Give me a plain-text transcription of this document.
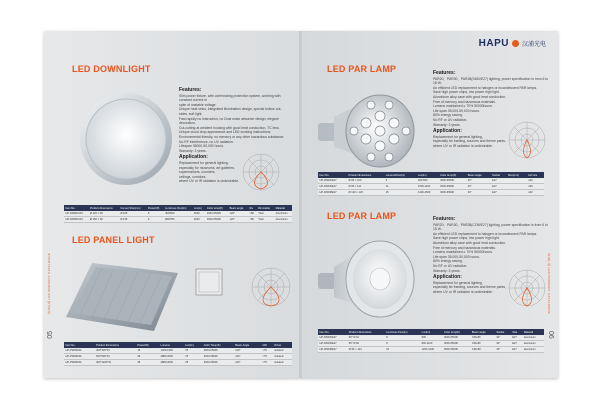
LED DOWNLIGHT
Features:
Slim power fixture, with overheating protection system, working with constant current in
spite of unstable voltage.
Unique heat sinks, integrated illumination design, special hollow out-sides, soft light.
Fast rapidly no instruction, no Dust noise absorber design, elegant decoration.
Cut-cutting at ambient housing with good heat conduction, TC less.
Unique cloud drop appearance and LED working instructions.
Environmental friendly, no mercury or any other hazardous substance.
No RF interference, no UV radiation.
Lifespan 35000-50,000 hours.
Warranty: 3 years.
Application:
Replacement for general lighting,
especially for museums, art galleries,
supermarkets, counters,
ceilings, corridors,
where UV or IR radiation is undesirable.
Item No.	Product dimensions	Cut-out Size(mm)	Power(W)	Luminous Flux(lm)	Lux(m)	Color temp(K)	Beam angle	Ra	Dimmable	Material
HP-DN06D-RC	Ø 120 × 36	Ø 105	6	400/500	3000	3000-6500K	120°	>80	Triac	Aluminium
HP-DN09D-RC	Ø 150 × 36	Ø 135	9	680/780	3000	3000-6500K	120°	>80	Triac	Aluminium
LED PANEL LIGHT
Item No.	Product dimensions	Power(W)	Lumens	Lux(lm)	Color Temp(K)	Beam Angle	CRI	Driver
HP-PW0903A	300*300*10	16	1400-1500	78	3000-6500K	120°	>75	isolated
HP-PW0903A	600*600*10	36	2880-3000	78	3000-6500K	120°	>75	isolated
HP-PW0903A	300*1200*10	36	2880-3000	78	3000-6500K	120°	>75	isolated
企业产品 LED PRODUCT CATALOGUE
05
HAPU 汉浦光电
LED PAR LAMP	Features:
PAR20、PAR30、PAR38(SMD/E27) lighting, power specification is from 6 to 18 W.
An efficient LED replacement to halogen or incandescent PAR lamps.
Save high power chips, low power high light.
Aluminium alloy case with good heat conduction.
Free of mercury and hazardous materials.
Lumens maintained ≥ 70% 50000hours.
Life span 35,000-50,000 hours.
80% energy saving.
No RF or UV radiation.
Warranty: 3 years.
Application:
Replacement for general lighting,
especially for framing, sources and theme parks,
where UV or IR radiation is undesirable.
Item No.	Product dimensions	Lumens/Flux(lm)	Lux(lm)	Color temp(K)	Beam angle	Socket	Size(mm)	LM size
HP-PAR20E27	Ø 95 × 100	5	400-500	3000-6500K	30°	E27		≥90
HP-PAR30E27	Ø 95 × 111	11	1000-1100	3000-6500K	30°	E27		≥90
HP-PAR38E27	Ø 120 × 123	15	1400-1500	3000-6500K	30°	E27		≥90
LED PAR LAMP	Features:
PAR20、PAR30、PAR38(COB/E27) lighting, power specification is from 6 to 18 W.
An efficient LED replacement to halogen or incandescent PAR lamps.
Save high power chips, low power high light.
Aluminium alloy case with good heat conduction.
Free of mercury and hazardous materials.
Lumens maintained ≥ 70% 50000hours.
Life span 35,000-50,000 hours.
80% energy saving.
No RF or UV radiation.
Warranty: 3 years.
Application:
Replacement for general lighting,
especially for framing, sources and theme parks,
where UV or IR radiation is undesirable.
Item No.	Product dimensions	Luminous Flux(lm)	Lux(lm)	Color temp(K)	Beam angle	Socket	Size	Material
HP-PAR20E27	50° Ø 91	8	500	3000-6500K	CRI≥80	30°	E27	aluminium
HP-PAR30E27	55° Ø 96	8	800-1100	3000-6500K	CRI≥80	30°	E27	aluminium
HP-PAR38E27	Ø 95 × 123	15	1200-1300	3000-6500K	CRI≥80	30°	E27	aluminium
企业产品 LED PRODUCT CATALOGUE
06
